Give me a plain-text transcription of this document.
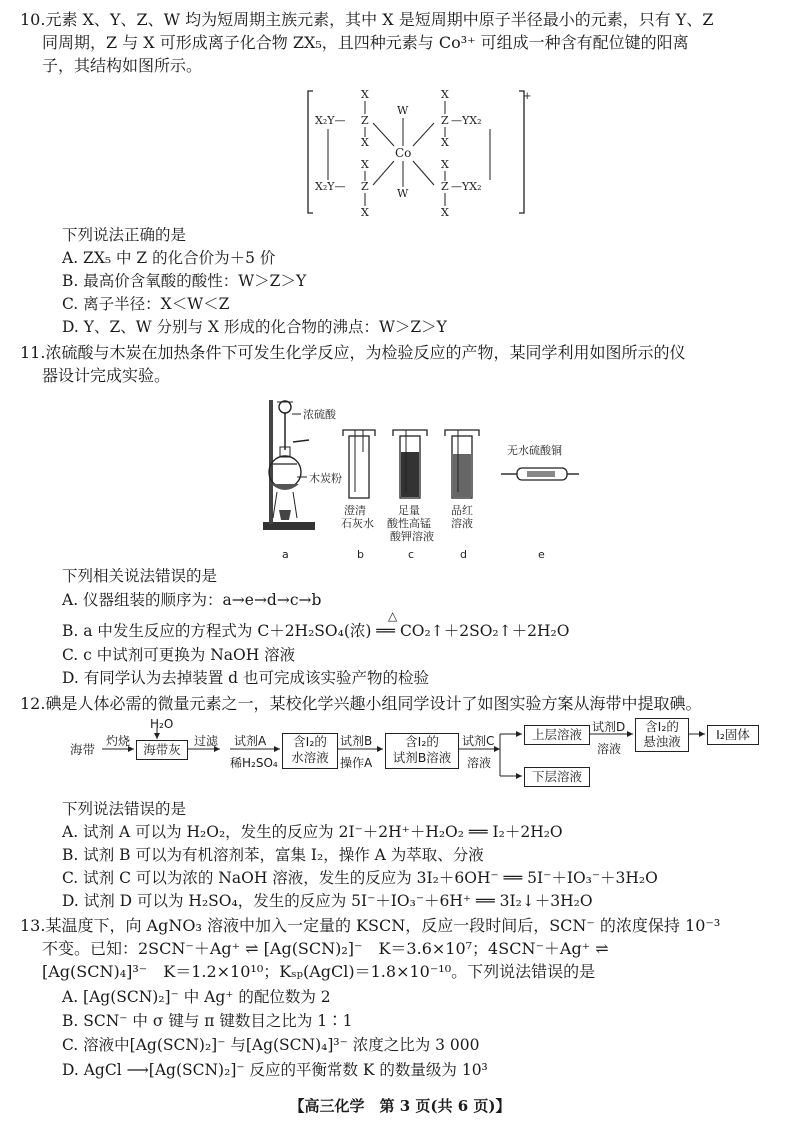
10.元素 X、Y、Z、W 均为短周期主族元素，其中 X 是短周期中原子半径最小的元素，只有 Y、Z
同周期，Z 与 X 可形成离子化合物 ZX₅，且四种元素与 Co³⁺ 可组成一种含有配位键的阳离
子，其结构如图所示。
+
X₂Y—
X₂Y—
Z
Z
X
X
X
X
W
W
Co
Z
Z
X
X
X
X
—YX₂
—YX₂
下列说法正确的是
A. ZX₅ 中 Z 的化合价为＋5 价
B. 最高价含氧酸的酸性：W＞Z＞Y
C. 离子半径：X＜W＜Z
D. Y、Z、W 分别与 X 形成的化合物的沸点：W＞Z＞Y
11.浓硫酸与木炭在加热条件下可发生化学反应，为检验反应的产物，某同学利用如图所示的仪
器设计完成实验。
浓硫酸
木炭粉
无水硫酸铜
澄清
石灰水
足量
酸性高锰
酸钾溶液
品红
溶液
a	b	c	d	e
下列相关说法错误的是
A. 仪器组装的顺序为：a→e→d→c→b
B. a 中发生反应的方程式为 C＋2H₂SO₄(浓) ══ CO₂↑＋2SO₂↑＋2H₂O
△
C. c 中试剂可更换为 NaOH 溶液
D. 有同学认为去掉装置 d 也可完成该实验产物的检验
12.碘是人体必需的微量元素之一，某校化学兴趣小组同学设计了如图实验方案从海带中提取碘。
海带
灼烧
H₂O
海带灰
过滤 试剂A
稀H₂SO₄
含I₂的
水溶液
试剂B
操作A
含I₂的
试剂B溶液
试剂C
溶液
上层溶液
下层溶液
试剂D
溶液
含I₂的
悬浊液	I₂固体
下列说法错误的是
A. 试剂 A 可以为 H₂O₂，发生的反应为 2I⁻＋2H⁺＋H₂O₂ ══ I₂＋2H₂O
B. 试剂 B 可以为有机溶剂苯，富集 I₂，操作 A 为萃取、分液
C. 试剂 C 可以为浓的 NaOH 溶液，发生的反应为 3I₂＋6OH⁻ ══ 5I⁻＋IO₃⁻＋3H₂O
D. 试剂 D 可以为 H₂SO₄，发生的反应为 5I⁻＋IO₃⁻＋6H⁺ ══ 3I₂↓＋3H₂O
13.某温度下，向 AgNO₃ 溶液中加入一定量的 KSCN，反应一段时间后，SCN⁻ 的浓度保持 10⁻³
不变。已知：2SCN⁻＋Ag⁺ ⇌ [Ag(SCN)₂]⁻　K＝3.6×10⁷；4SCN⁻＋Ag⁺ ⇌
[Ag(SCN)₄]³⁻　K＝1.2×10¹⁰；Kₛₚ(AgCl)＝1.8×10⁻¹⁰。下列说法错误的是
A. [Ag(SCN)₂]⁻ 中 Ag⁺ 的配位数为 2
B. SCN⁻ 中 σ 键与 π 键数目之比为 1∶1
C. 溶液中[Ag(SCN)₂]⁻ 与[Ag(SCN)₄]³⁻ 浓度之比为 3 000
D. AgCl ⟶[Ag(SCN)₂]⁻ 反应的平衡常数 K 的数量级为 10³
【高三化学　第 3 页(共 6 页)】
